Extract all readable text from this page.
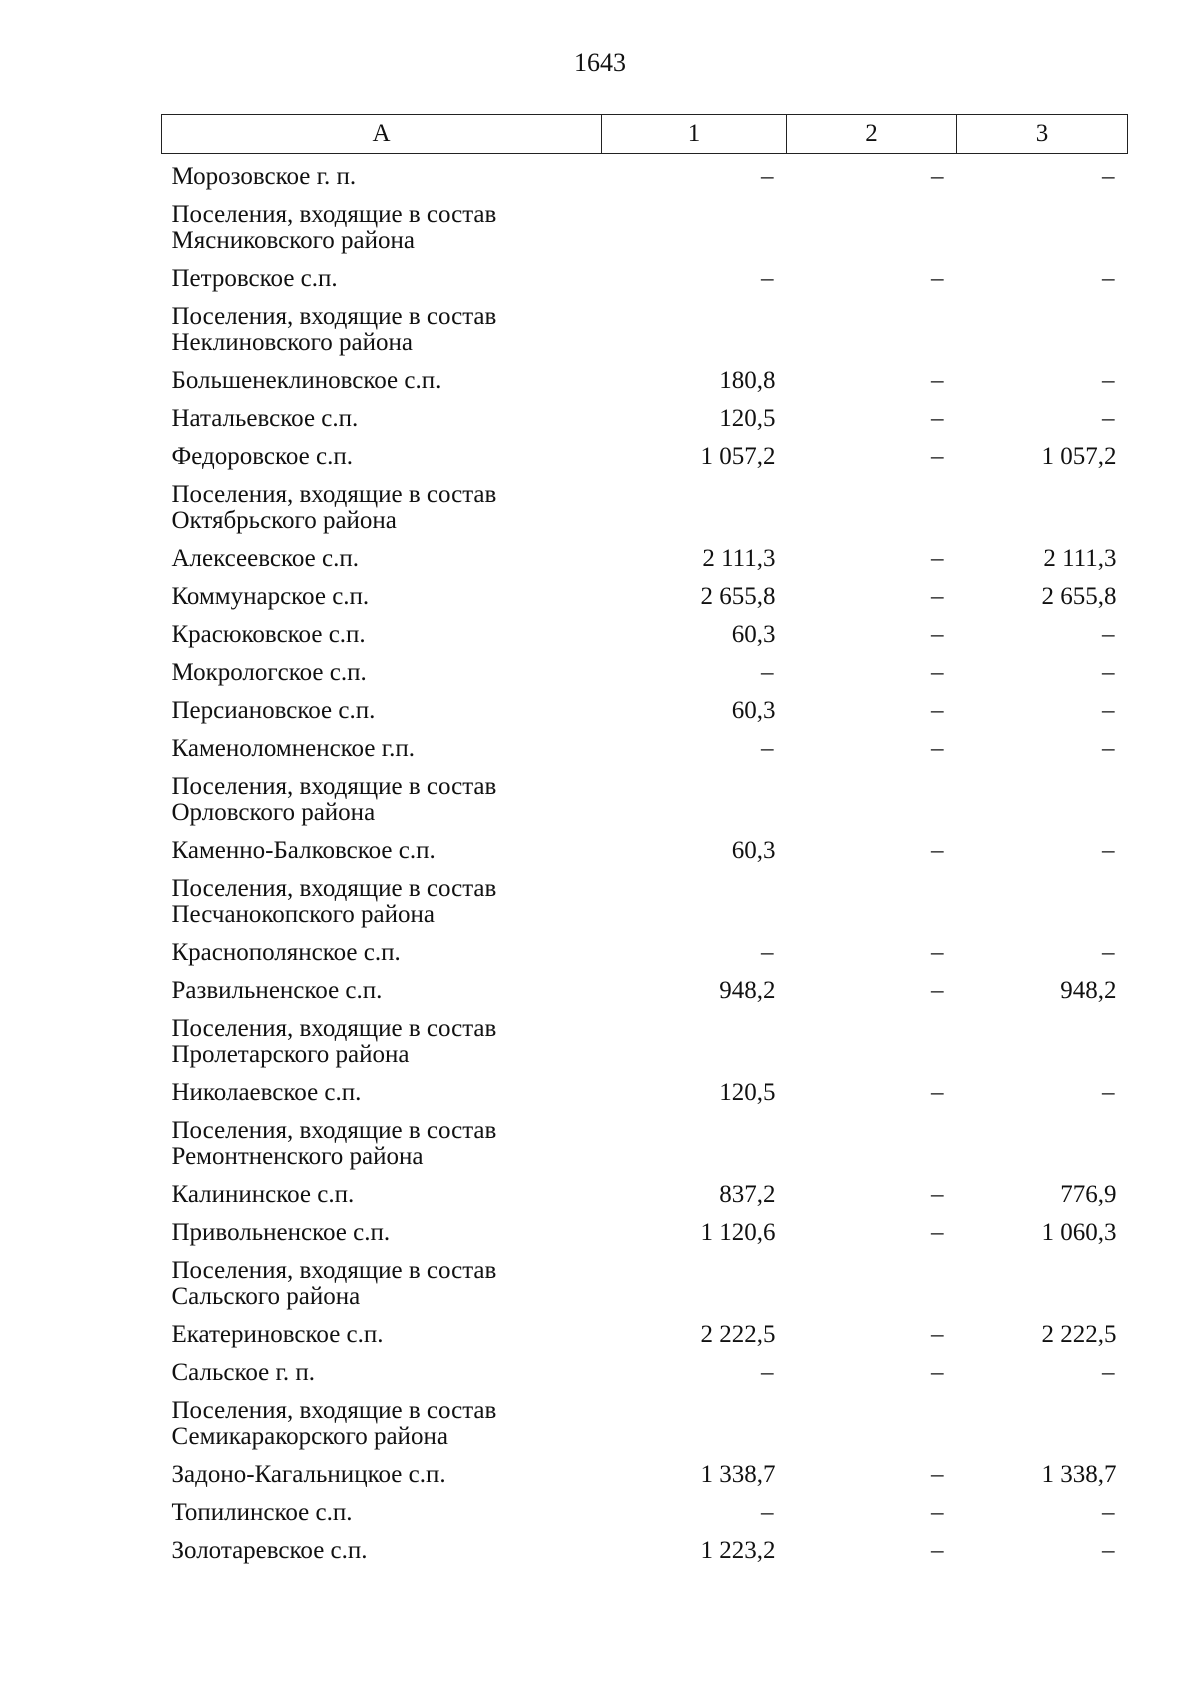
1643
А	1	2	3
Морозовское г. п.	–	–	–
Поселения, входящие в состав
Мясниковского района			
Петровское с.п.	–	–	–
Поселения, входящие в состав
Неклиновского района			
Большенеклиновское с.п.	180,8	–	–
Натальевское с.п.	120,5	–	–
Федоровское с.п.	1 057,2	–	1 057,2
Поселения, входящие в состав
Октябрьского района			
Алексеевское с.п.	2 111,3	–	2 111,3
Коммунарское с.п.	2 655,8	–	2 655,8
Красюковское с.п.	60,3	–	–
Мокрологское с.п.	–	–	–
Персиановское с.п.	60,3	–	–
Каменоломненское г.п.	–	–	–
Поселения, входящие в состав
Орловского района			
Каменно-Балковское с.п.	60,3	–	–
Поселения, входящие в состав
Песчанокопского района			
Краснополянское с.п.	–	–	–
Развильненское с.п.	948,2	–	948,2
Поселения, входящие в состав
Пролетарского района			
Николаевское с.п.	120,5	–	–
Поселения, входящие в состав
Ремонтненского района			
Калининское с.п.	837,2	–	776,9
Привольненское с.п.	1 120,6	–	1 060,3
Поселения, входящие в состав
Сальского района			
Екатериновское с.п.	2 222,5	–	2 222,5
Сальское г. п.	–	–	–
Поселения, входящие в состав
Семикаракорского района			
Задоно-Кагальницкое с.п.	1 338,7	–	1 338,7
Топилинское с.п.	–	–	–
Золотаревское с.п.	1 223,2	–	–
